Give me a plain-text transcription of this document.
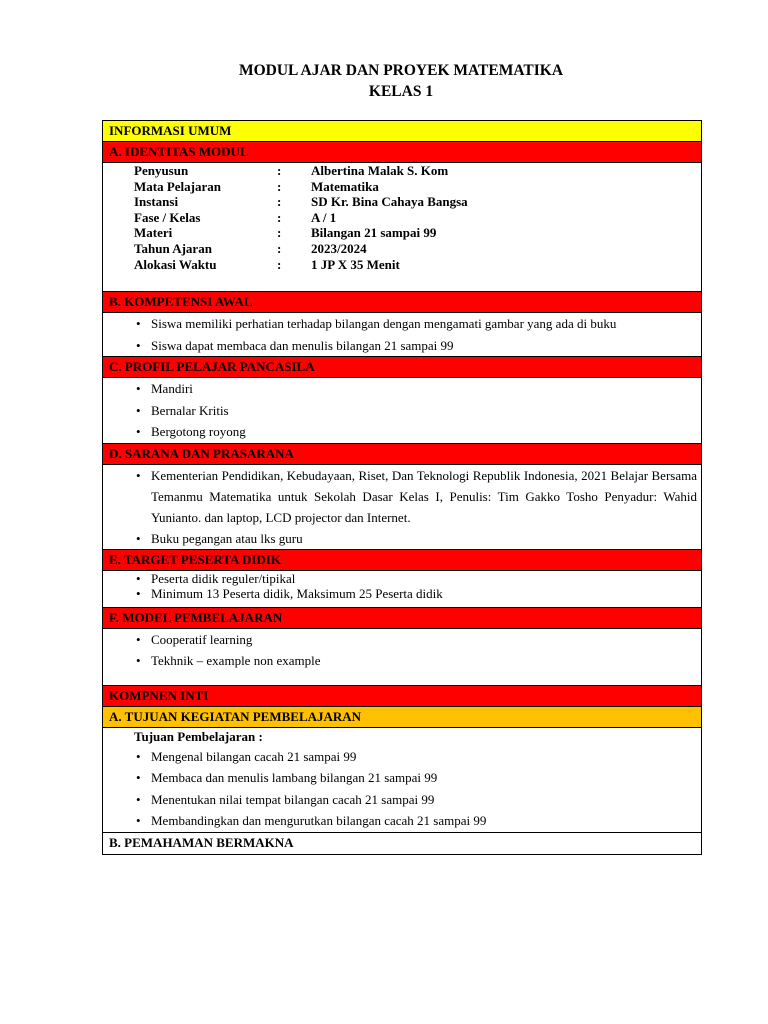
MODUL AJAR DAN PROYEK MATEMATIKA
KELAS 1
INFORMASI UMUM
A. IDENTITAS MODUL
Penyusun	:	Albertina Malak S. Kom
Mata Pelajaran	:	Matematika
Instansi	:	SD Kr. Bina Cahaya Bangsa
Fase / Kelas	:	A / 1
Materi	:	Bilangan 21 sampai 99
Tahun Ajaran	:	2023/2024
Alokasi Waktu	:	1 JP X 35 Menit
B. KOMPETENSI AWAL
• Siswa memiliki perhatian terhadap bilangan dengan mengamati gambar yang ada di buku
• Siswa dapat membaca dan menulis bilangan 21 sampai 99
C. PROFIL PELAJAR PANCASILA
• Mandiri
• Bernalar Kritis
• Bergotong royong
D. SARANA DAN PRASARANA
• Kementerian Pendidikan, Kebudayaan, Riset, Dan Teknologi Republik Indonesia, 2021 Belajar Bersama Temanmu Matematika untuk Sekolah Dasar Kelas I, Penulis: Tim Gakko Tosho Penyadur: Wahid Yunianto. dan laptop, LCD projector dan Internet.
• Buku pegangan atau lks guru
E. TARGET PESERTA DIDIK
• Peserta didik reguler/tipikal
• Minimum 13 Peserta didik, Maksimum 25 Peserta didik
F. MODEL PEMBELAJARAN
• Cooperatif learning
• Tekhnik – example non example
KOMPNEN INTI
A. TUJUAN KEGIATAN PEMBELAJARAN
Tujuan Pembelajaran :
• Mengenal bilangan cacah 21 sampai 99
• Membaca dan menulis lambang bilangan 21 sampai 99
• Menentukan nilai tempat bilangan cacah 21 sampai 99
• Membandingkan dan mengurutkan bilangan cacah 21 sampai 99
B. PEMAHAMAN BERMAKNA
